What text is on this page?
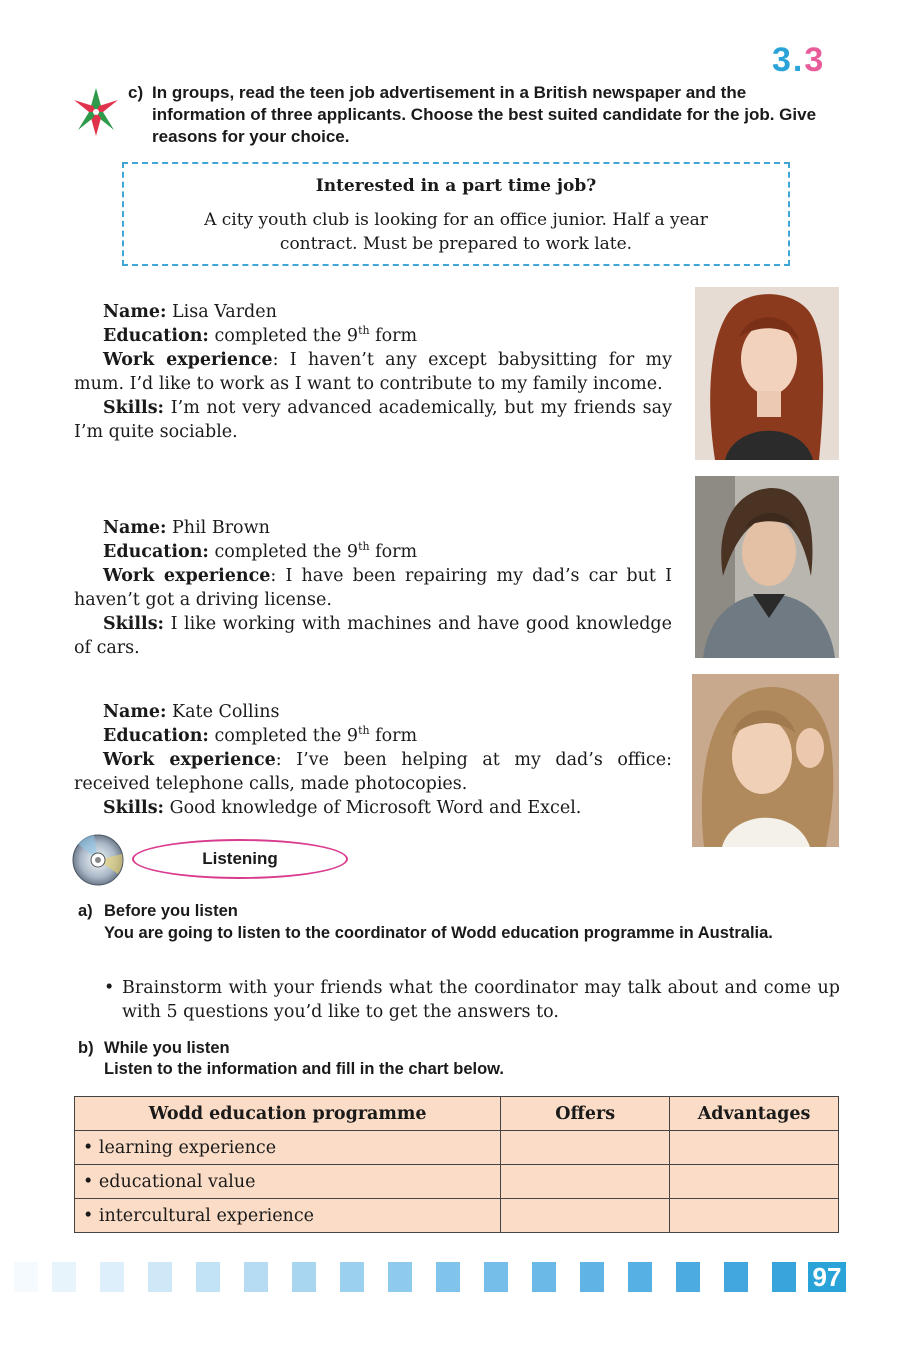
3.3
c) In groups, read the teen job advertisement in a British newspaper and the information of three applicants. Choose the best suited candidate for the job. Give reasons for your choice.
Interested in a part time job?
A city youth club is looking for an office junior. Half a year contract. Must be prepared to work late.

Name: Lisa Varden

Education: completed the 9th form

Work experience: I haven’t any except babysitting for my mum. I’d like to work as I want to contribute to my family income.

Skills: I’m not very advanced academically, but my friends say I’m quite sociable.

Name: Phil Brown

Education: completed the 9th form

Work experience: I have been repairing my dad’s car but I haven’t got a driving license.

Skills: I like working with machines and have good knowledge of cars.

Name: Kate Collins

Education: completed the 9th form

Work experience: I’ve been helping at my dad’s office: received telephone calls, made photocopies.

Skills: Good knowledge of Microsoft Word and Excel.

Listening
a) Before you listen
You are going to listen to the coordinator of Wodd education programme in Australia.
• Brainstorm with your friends what the coordinator may talk about and come up with 5 questions you’d like to get the answers to.
b) While you listen
Listen to the information and fill in the chart below.
Wodd education programme	Offers	Advantages
• learning experience		
• educational value		
• intercultural experience		
97
